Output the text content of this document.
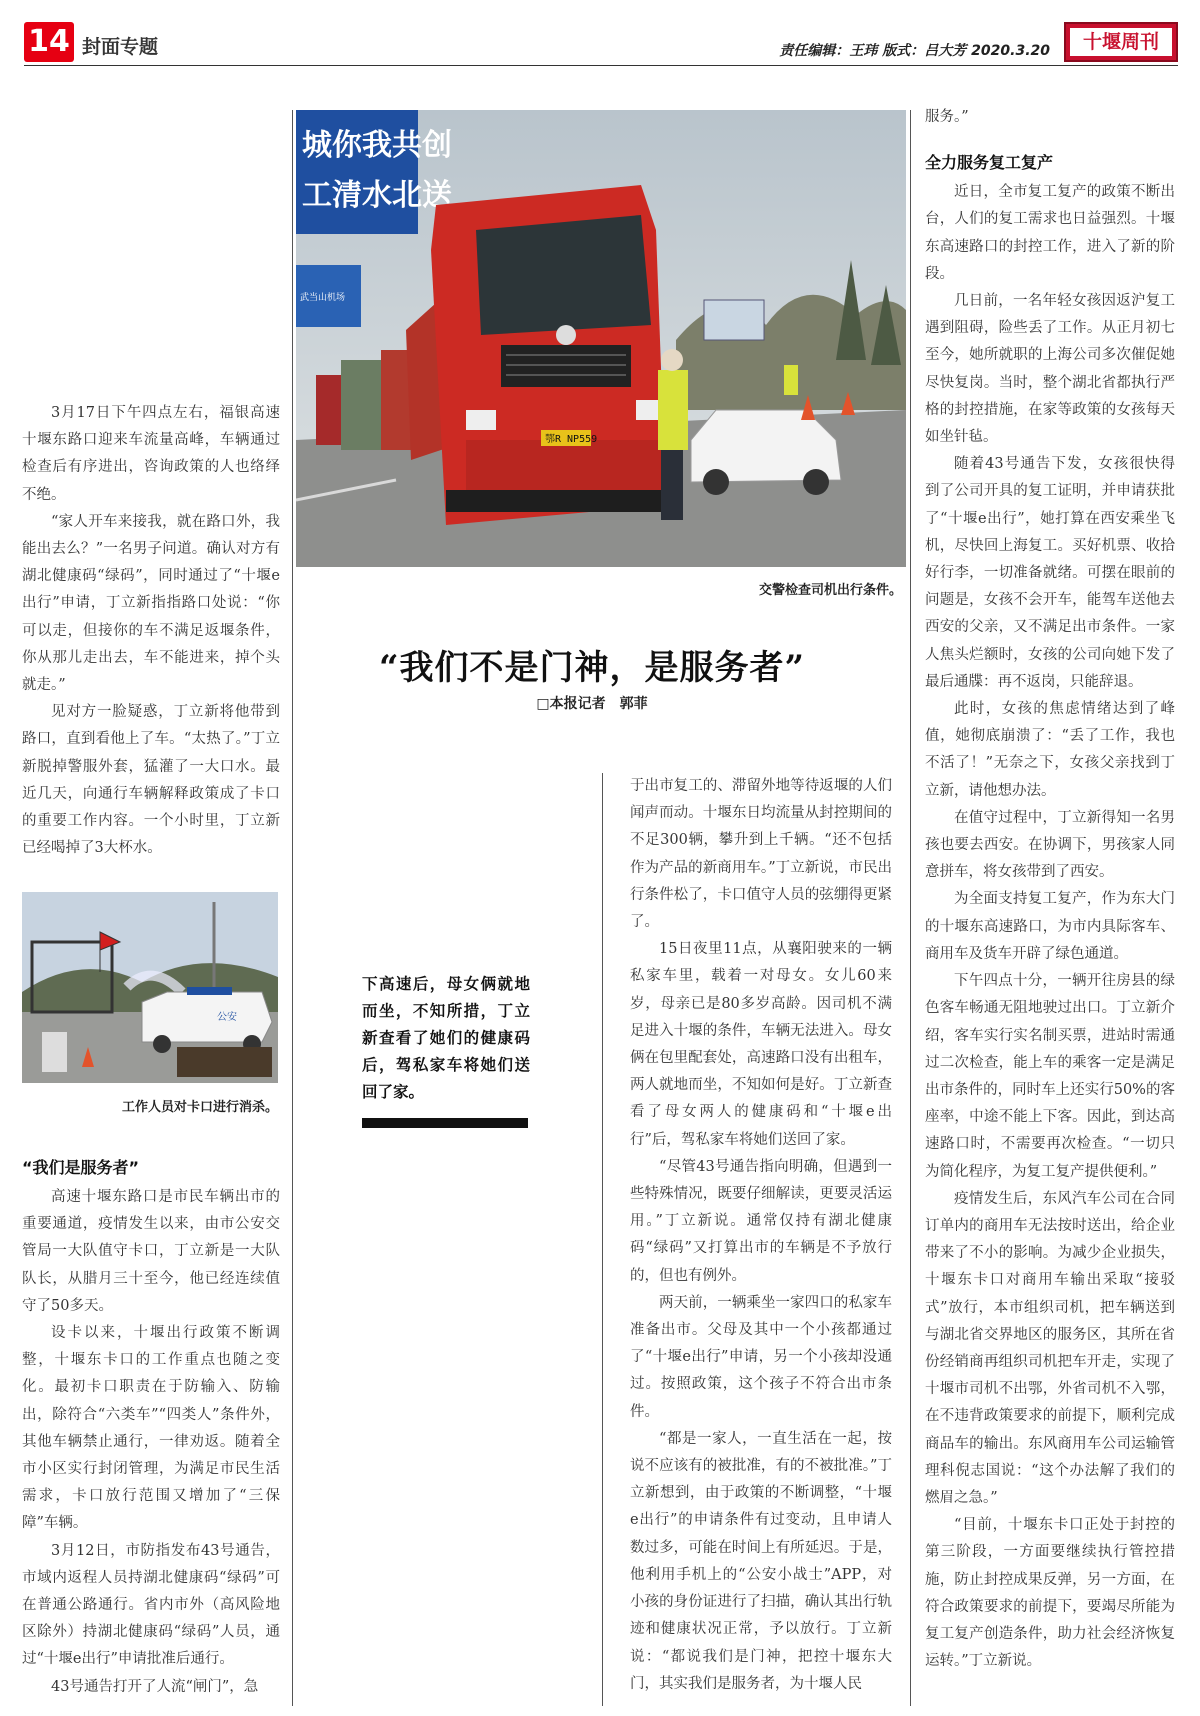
14 封面专题	责任编辑：王玮 版式：吕大芳 2020.3.20	十堰周刊
城你我共创
工清水北送
武当山机场
鄂R NP559
交警检查司机出行条件。
公安
工作人员对卡口进行消杀。
“我们不是门神，是服务者”
□本报记者　郭菲
下高速后，母女俩就地而坐，不知所措，丁立新查看了她们的健康码后，驾私家车将她们送回了家。

3月17日下午四点左右，福银高速十堰东路口迎来车流量高峰，车辆通过检查后有序进出，咨询政策的人也络绎不绝。

“家人开车来接我，就在路口外，我能出去么？”一名男子问道。确认对方有湖北健康码“绿码”，同时通过了“十堰e出行”申请，丁立新指指路口处说：“你可以走，但接你的车不满足返堰条件，你从那儿走出去，车不能进来，掉个头就走。”

见对方一脸疑惑，丁立新将他带到路口，直到看他上了车。“太热了。”丁立新脱掉警服外套，猛灌了一大口水。最近几天，向通行车辆解释政策成了卡口的重要工作内容。一个小时里，丁立新已经喝掉了3大杯水。

“我们是服务者”

高速十堰东路口是市民车辆出市的重要通道，疫情发生以来，由市公安交管局一大队值守卡口，丁立新是一大队队长，从腊月三十至今，他已经连续值守了50多天。

设卡以来，十堰出行政策不断调整，十堰东卡口的工作重点也随之变化。最初卡口职责在于防输入、防输出，除符合“六类车”“四类人”条件外，其他车辆禁止通行，一律劝返。随着全市小区实行封闭管理，为满足市民生活需求，卡口放行范围又增加了“三保障”车辆。

3月12日，市防指发布43号通告，市域内返程人员持湖北健康码“绿码”可在普通公路通行。省内市外（高风险地区除外）持湖北健康码“绿码”人员，通过“十堰e出行”申请批准后通行。

43号通告打开了人流“闸门”，急

于出市复工的、滞留外地等待返堰的人们闻声而动。十堰东日均流量从封控期间的不足300辆，攀升到上千辆。“还不包括作为产品的新商用车。”丁立新说，市民出行条件松了，卡口值守人员的弦绷得更紧了。

15日夜里11点，从襄阳驶来的一辆私家车里，载着一对母女。女儿60来岁，母亲已是80多岁高龄。因司机不满足进入十堰的条件，车辆无法进入。母女俩在包里配套处，高速路口没有出租车，两人就地而坐，不知如何是好。丁立新查看了母女两人的健康码和“十堰e出行”后，驾私家车将她们送回了家。

“尽管43号通告指向明确，但遇到一些特殊情况，既要仔细解读，更要灵活运用。”丁立新说。通常仅持有湖北健康码“绿码”又打算出市的车辆是不予放行的，但也有例外。

两天前，一辆乘坐一家四口的私家车准备出市。父母及其中一个小孩都通过了“十堰e出行”申请，另一个小孩却没通过。按照政策，这个孩子不符合出市条件。

“都是一家人，一直生活在一起，按说不应该有的被批准，有的不被批准。”丁立新想到，由于政策的不断调整，“十堰e出行”的申请条件有过变动，且申请人数过多，可能在时间上有所延迟。于是，他利用手机上的“公安小战士”APP，对小孩的身份证进行了扫描，确认其出行轨迹和健康状况正常，予以放行。丁立新说：“都说我们是门神，把控十堰东大门，其实我们是服务者，为十堰人民

服务。”

全力服务复工复产

近日，全市复工复产的政策不断出台，人们的复工需求也日益强烈。十堰东高速路口的封控工作，进入了新的阶段。

几日前，一名年轻女孩因返沪复工遇到阻碍，险些丢了工作。从正月初七至今，她所就职的上海公司多次催促她尽快复岗。当时，整个湖北省都执行严格的封控措施，在家等政策的女孩每天如坐针毡。

随着43号通告下发，女孩很快得到了公司开具的复工证明，并申请获批了“十堰e出行”，她打算在西安乘坐飞机，尽快回上海复工。买好机票、收拾好行李，一切准备就绪。可摆在眼前的问题是，女孩不会开车，能驾车送他去西安的父亲，又不满足出市条件。一家人焦头烂额时，女孩的公司向她下发了最后通牒：再不返岗，只能辞退。

此时，女孩的焦虑情绪达到了峰值，她彻底崩溃了：“丢了工作，我也不活了！”无奈之下，女孩父亲找到丁立新，请他想办法。

在值守过程中，丁立新得知一名男孩也要去西安。在协调下，男孩家人同意拼车，将女孩带到了西安。

为全面支持复工复产，作为东大门的十堰东高速路口，为市内具际客车、商用车及货车开辟了绿色通道。

下午四点十分，一辆开往房县的绿色客车畅通无阻地驶过出口。丁立新介绍，客车实行实名制买票，进站时需通过二次检查，能上车的乘客一定是满足出市条件的，同时车上还实行50%的客座率，中途不能上下客。因此，到达高速路口时，不需要再次检查。“一切只为简化程序，为复工复产提供便利。”

疫情发生后，东风汽车公司在合同订单内的商用车无法按时送出，给企业带来了不小的影响。为减少企业损失，十堰东卡口对商用车输出采取“接驳式”放行，本市组织司机，把车辆送到与湖北省交界地区的服务区，其所在省份经销商再组织司机把车开走，实现了十堰市司机不出鄂，外省司机不入鄂，在不违背政策要求的前提下，顺利完成商品车的输出。东风商用车公司运输管理科倪志国说：“这个办法解了我们的燃眉之急。”

“目前，十堰东卡口正处于封控的第三阶段，一方面要继续执行管控措施，防止封控成果反弹，另一方面，在符合政策要求的前提下，要竭尽所能为复工复产创造条件，助力社会经济恢复运转。”丁立新说。
